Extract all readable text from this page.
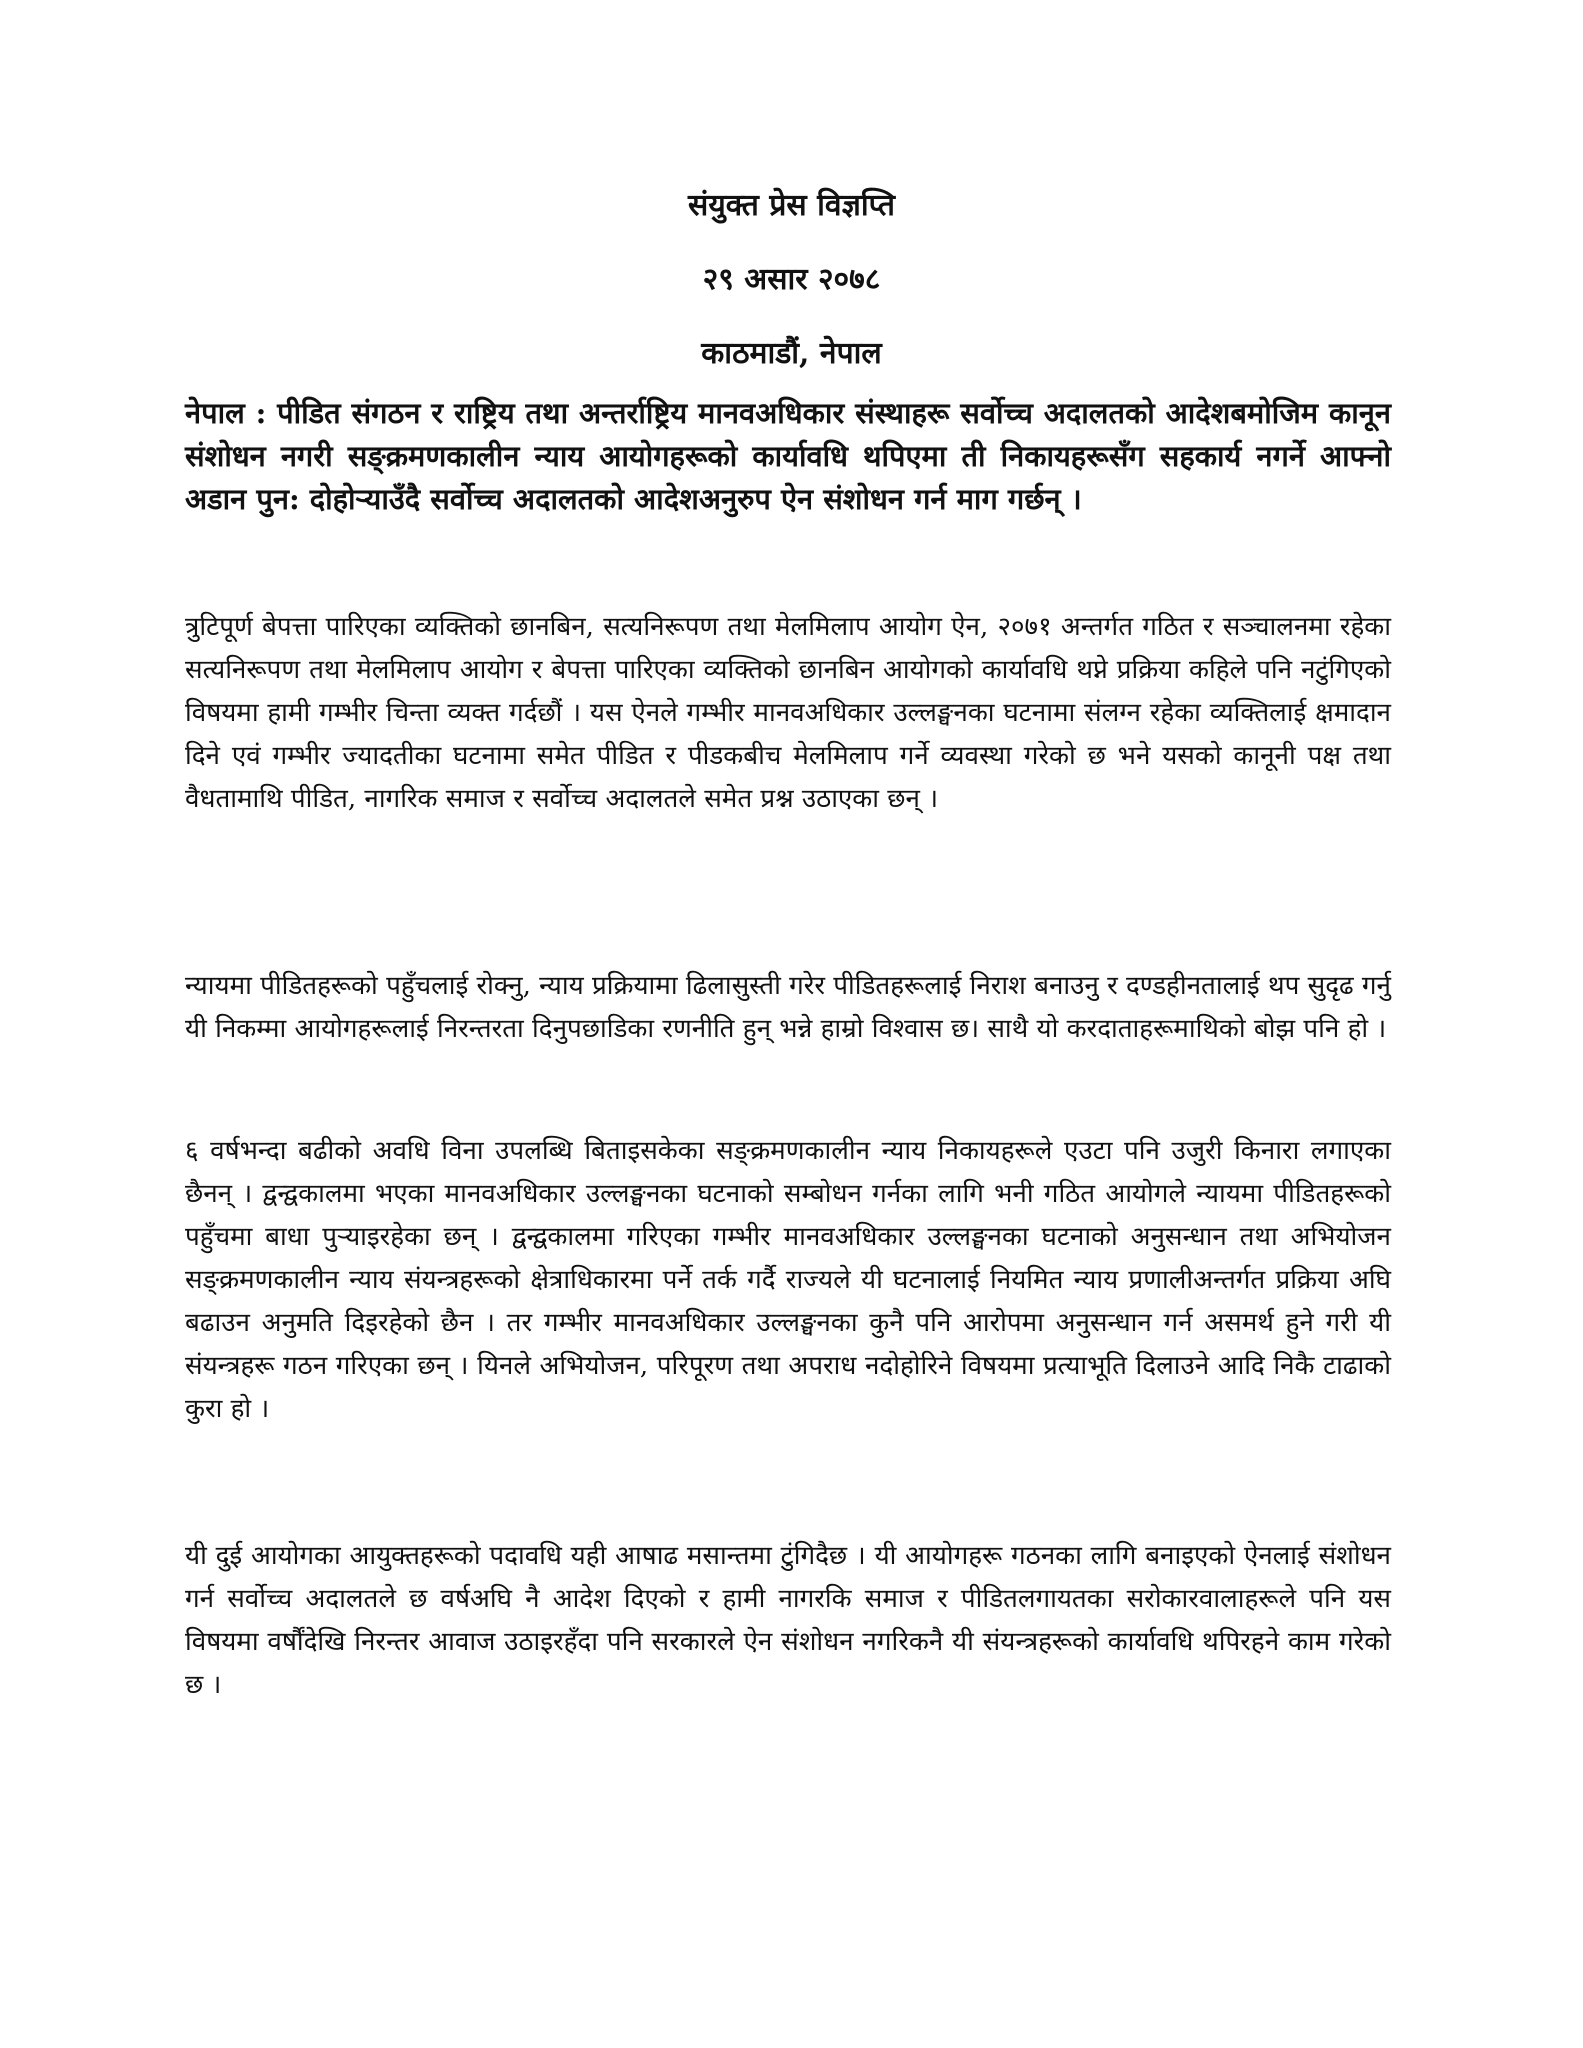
संयुक्त प्रेस विज्ञप्ति
२९ असार २०७८
काठमाडौं, नेपाल
नेपाल : पीडित संगठन र राष्ट्रिय तथा अन्तर्राष्ट्रिय मानवअधिकार संस्थाहरू सर्वोच्च अदालतको आदेशबमोजिम कानून संशोधन नगरी सङ्क्रमणकालीन न्याय आयोगहरूको कार्यावधि थपिएमा ती निकायहरूसँग सहकार्य नगर्ने आफ्नो अडान पुन: दोहोऱ्याउँदै सर्वोच्च अदालतको आदेशअनुरुप ऐन संशोधन गर्न माग गर्छन् ।

त्रुटिपूर्ण बेपत्ता पारिएका व्यक्तिको छानबिन, सत्यनिरूपण तथा मेलमिलाप आयोग ऐन, २०७१ अन्तर्गत गठित र सञ्चालनमा रहेका सत्यनिरूपण तथा मेलमिलाप आयोग र बेपत्ता पारिएका व्यक्तिको छानबिन आयोगको कार्यावधि थप्ने प्रक्रिया कहिले पनि नटुंगिएको विषयमा हामी गम्भीर चिन्ता व्यक्त गर्दछौं । यस ऐनले गम्भीर मानवअधिकार उल्लङ्घनका घटनामा संलग्न रहेका व्यक्तिलाई क्षमादान दिने एवं गम्भीर ज्यादतीका घटनामा समेत पीडित र पीडकबीच मेलमिलाप गर्ने व्यवस्था गरेको छ भने यसको कानूनी पक्ष तथा वैधतामाथि पीडित, नागरिक समाज र सर्वोच्च अदालतले समेत प्रश्न उठाएका छन् ।

न्यायमा पीडितहरूको पहुँचलाई रोक्नु, न्याय प्रक्रियामा ढिलासुस्ती गरेर पीडितहरूलाई निराश बनाउनु र दण्डहीनतालाई थप सुदृढ गर्नु यी निकम्मा आयोगहरूलाई निरन्तरता दिनुपछाडिका रणनीति हुन् भन्ने हाम्रो विश्वास छ। साथै यो करदाताहरूमाथिको बोझ पनि हो ।

६ वर्षभन्दा बढीको अवधि विना उपलब्धि बिताइसकेका सङ्क्रमणकालीन न्याय निकायहरूले एउटा पनि उजुरी किनारा लगाएका छैनन् । द्वन्द्वकालमा भएका मानवअधिकार उल्लङ्घनका घटनाको सम्बोधन गर्नका लागि भनी गठित आयोगले न्यायमा पीडितहरूको पहुँचमा बाधा पुऱ्याइरहेका छन् । द्वन्द्वकालमा गरिएका गम्भीर मानवअधिकार उल्लङ्घनका घटनाको अनुसन्धान तथा अभियोजन सङ्क्रमणकालीन न्याय संयन्त्रहरूको क्षेत्राधिकारमा पर्ने तर्क गर्दै राज्यले यी घटनालाई नियमित न्याय प्रणालीअन्तर्गत प्रक्रिया अघि बढाउन अनुमति दिइरहेको छैन । तर गम्भीर मानवअधिकार उल्लङ्घनका कुनै पनि आरोपमा अनुसन्धान गर्न असमर्थ हुने गरी यी संयन्त्रहरू गठन गरिएका छन् । यिनले अभियोजन, परिपूरण तथा अपराध नदोहोरिने विषयमा प्रत्याभूति दिलाउने आदि निकै टाढाको कुरा हो ।

यी दुई आयोगका आयुक्तहरूको पदावधि यही आषाढ मसान्तमा टुंगिदैछ । यी आयोगहरू गठनका लागि बनाइएको ऐनलाई संशोधन गर्न सर्वोच्च अदालतले छ वर्षअघि नै आदेश दिएको र हामी नागरकि समाज र पीडितलगायतका सरोकारवालाहरूले पनि यस विषयमा वर्षौंदेखि निरन्तर आवाज उठाइरहँदा पनि सरकारले ऐन संशोधन नगरिकनै यी संयन्त्रहरूको कार्यावधि थपिरहने काम गरेको छ ।
